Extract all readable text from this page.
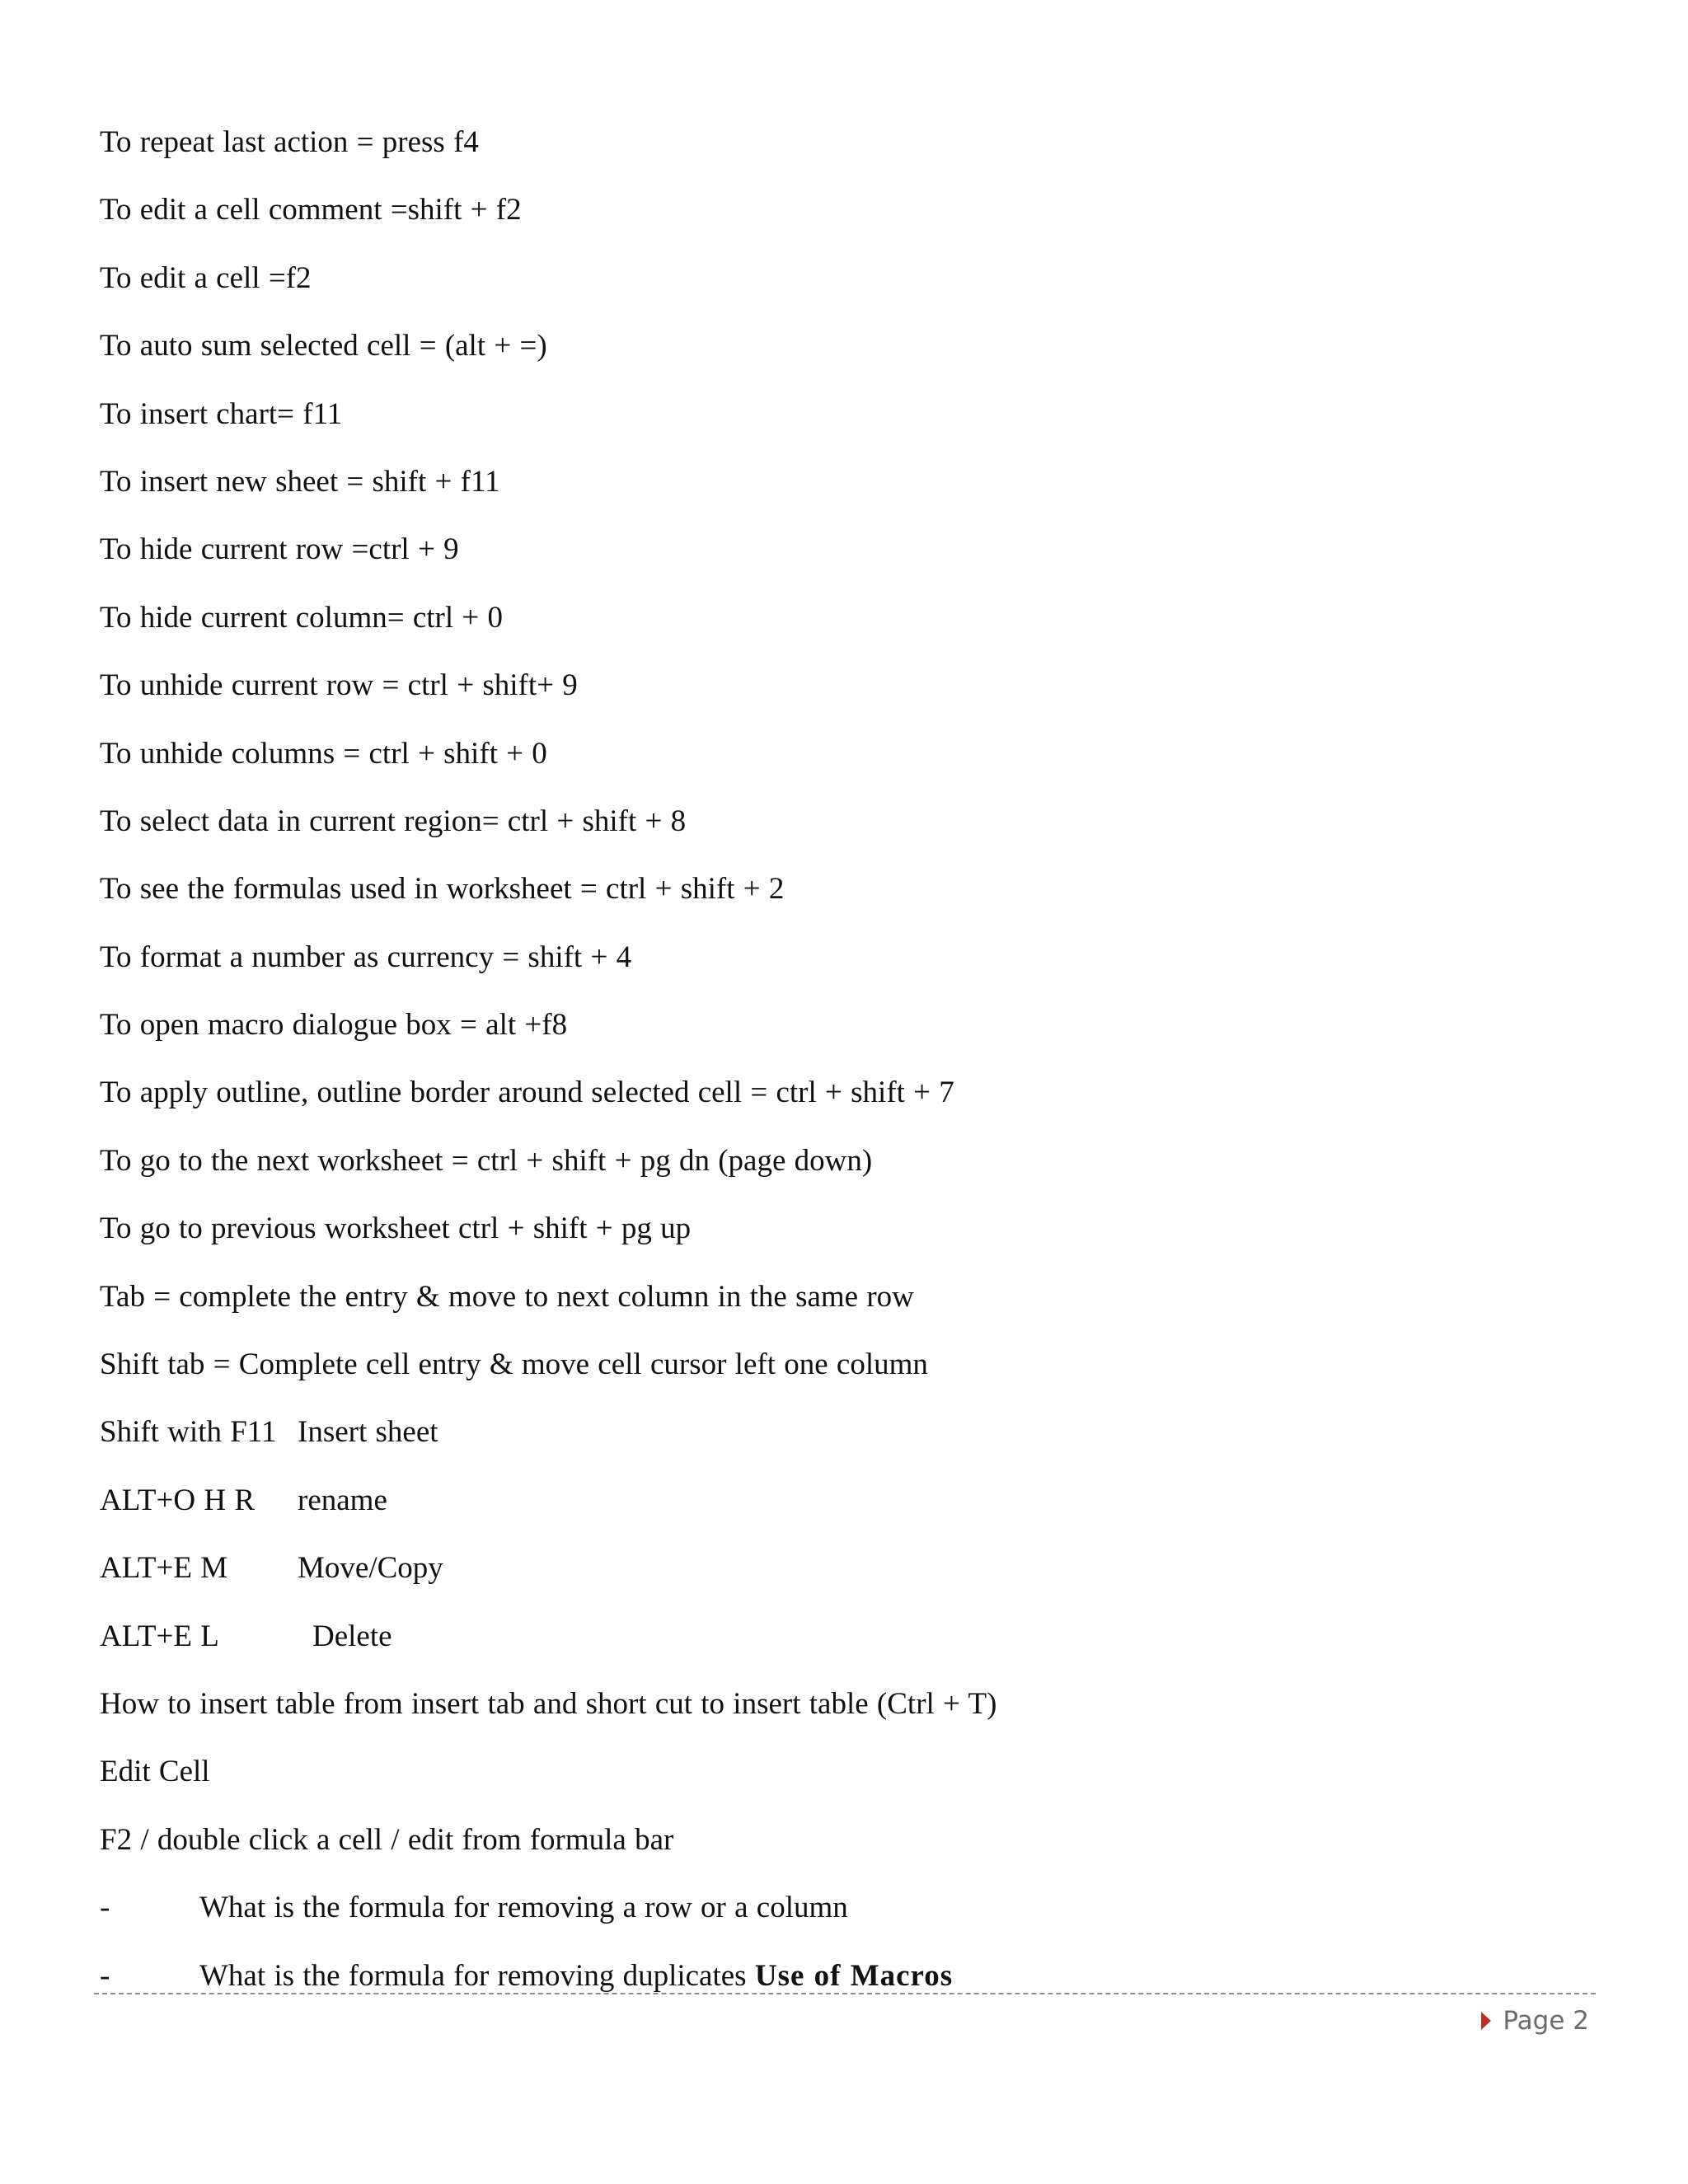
To repeat last action = press f4
To edit a cell comment =shift + f2
To edit a cell =f2
To auto sum selected cell = (alt + =)
To insert chart= f11
To insert new sheet = shift + f11
To hide current row =ctrl + 9
To hide current column= ctrl + 0
To unhide current row = ctrl + shift+ 9
To unhide columns = ctrl + shift + 0
To select data in current region= ctrl + shift + 8
To see the formulas used in worksheet = ctrl + shift + 2
To format a number as currency = shift + 4
To open macro dialogue box = alt +f8
To apply outline, outline border around selected cell = ctrl + shift + 7
To go to the next worksheet = ctrl + shift + pg dn (page down)
To go to previous worksheet ctrl + shift + pg up
Tab = complete the entry & move to next column in the same row
Shift tab = Complete cell entry & move cell cursor left one column
Shift with F11 Insert sheet
ALT+O H R rename
ALT+E M Move/Copy
ALT+E L	Delete
How to insert table from insert tab and short cut to insert table (Ctrl + T)
Edit Cell
F2 / double click a cell / edit from formula bar
-	What is the formula for removing a row or a column
-	What is the formula for removing duplicates Use of Macros
Page 2
